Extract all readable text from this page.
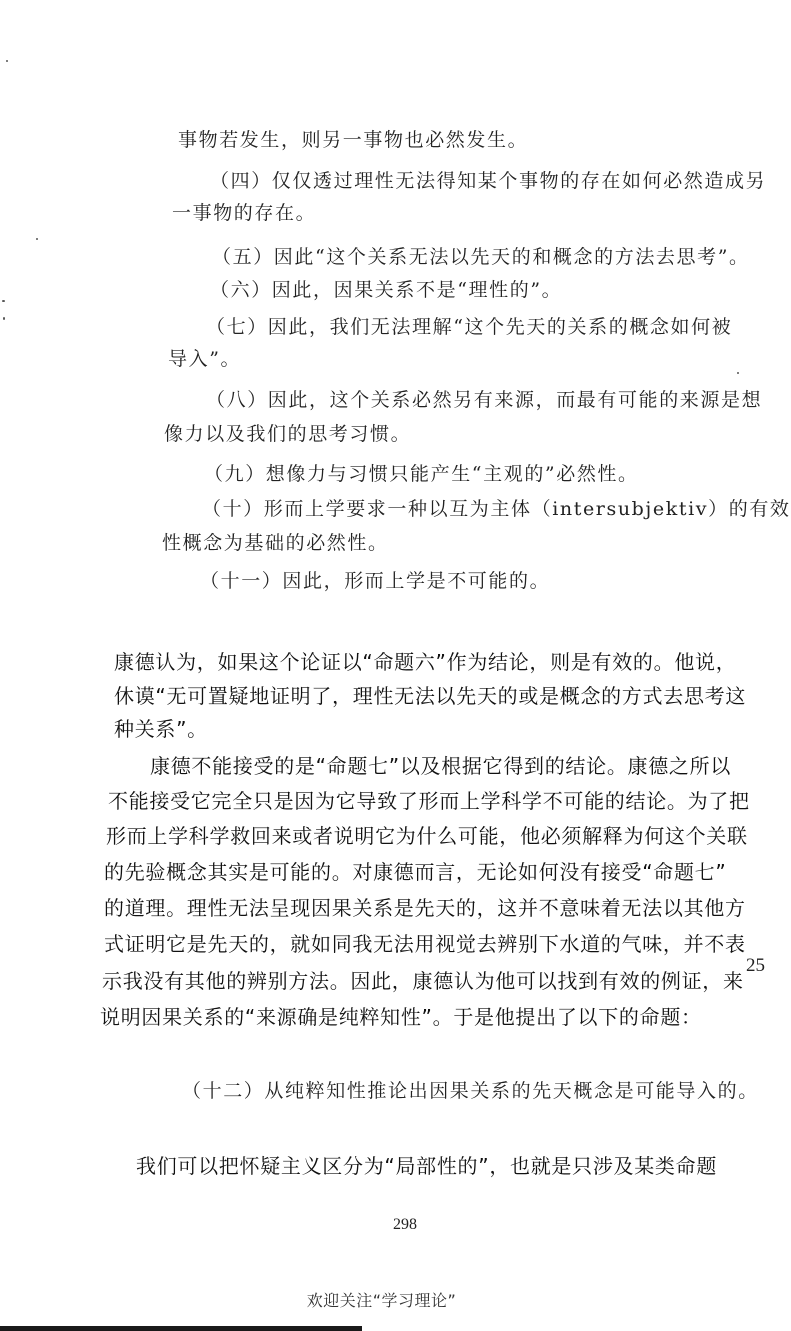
事物若发生，则另一事物也必然发生。
（四）仅仅透过理性无法得知某个事物的存在如何必然造成另
一事物的存在。
（五）因此“这个关系无法以先天的和概念的方法去思考”。
（六）因此，因果关系不是“理性的”。
（七）因此，我们无法理解“这个先天的关系的概念如何被
导入”。
（八）因此，这个关系必然另有来源，而最有可能的来源是想
像力以及我们的思考习惯。
（九）想像力与习惯只能产生“主观的”必然性。
（十）形而上学要求一种以互为主体（intersubjektiv）的有效
性概念为基础的必然性。
（十一）因此，形而上学是不可能的。
康德认为，如果这个论证以“命题六”作为结论，则是有效的。他说，
休谟“无可置疑地证明了，理性无法以先天的或是概念的方式去思考这
种关系”。
康德不能接受的是“命题七”以及根据它得到的结论。康德之所以
不能接受它完全只是因为它导致了形而上学科学不可能的结论。为了把
形而上学科学救回来或者说明它为什么可能，他必须解释为何这个关联
的先验概念其实是可能的。对康德而言，无论如何没有接受“命题七”
的道理。理性无法呈现因果关系是先天的，这并不意味着无法以其他方
式证明它是先天的，就如同我无法用视觉去辨别下水道的气味，并不表
示我没有其他的辨别方法。因此，康德认为他可以找到有效的例证，来
说明因果关系的“来源确是纯粹知性”。于是他提出了以下的命题：
（十二）从纯粹知性推论出因果关系的先天概念是可能导入的。
我们可以把怀疑主义区分为“局部性的”，也就是只涉及某类命题
25
298
欢迎关注“学习理论”
